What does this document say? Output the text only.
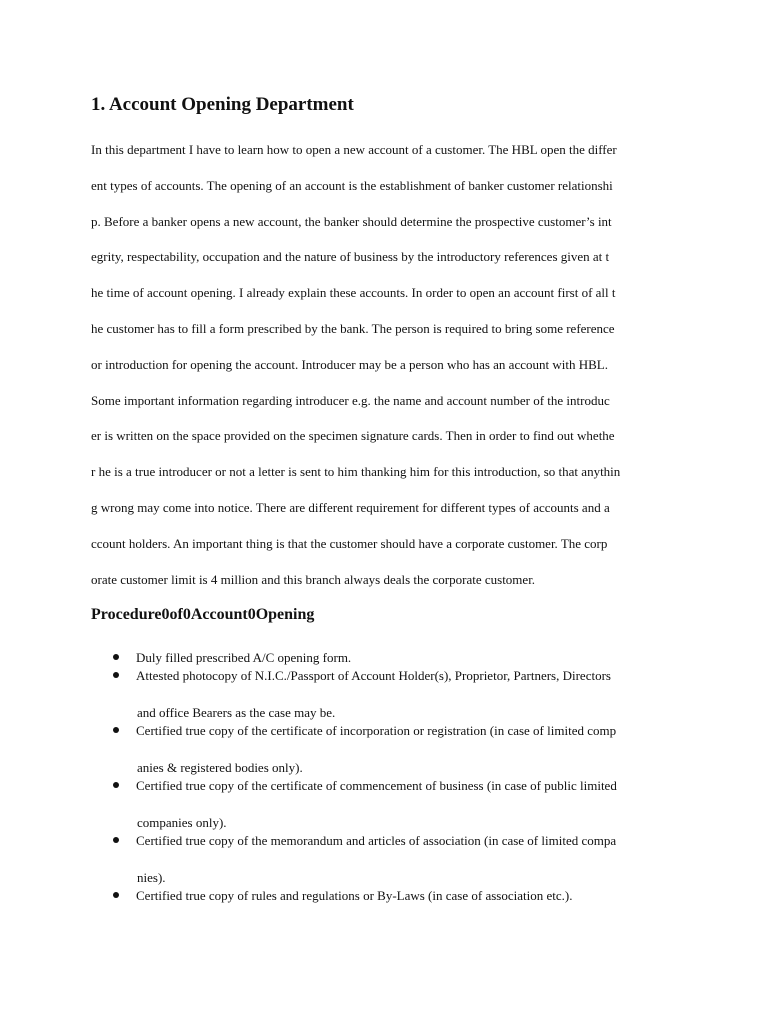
1. Account Opening Department
In this department I have to learn how to open a new account of a customer. The HBL open the differ
ent types of accounts. The opening of an account is the establishment of banker customer relationshi
p. Before a banker opens a new account, the banker should determine the prospective customer’s int
egrity, respectability, occupation and the nature of business by the introductory references given at t
he time of account opening. I already explain these accounts. In order to open an account first of all t
he customer has to fill a form prescribed by the bank. The person is required to bring some reference
or introduction for opening the account. Introducer may be a person who has an account with HBL.
Some important information regarding introducer e.g. the name and account number of the introduc
er is written on the space provided on the specimen signature cards. Then in order to find out whethe
r he is a true introducer or not a letter is sent to him thanking him for this introduction, so that anythin
g wrong may come into notice. There are different requirement for different types of accounts and a
ccount holders. An important thing is that the customer should have a corporate customer. The corp
orate customer limit is 4 million and this branch always deals the corporate customer.
Procedure0of0Account0Opening
Duly filled prescribed A/C opening form.
Attested photocopy of N.I.C./Passport of Account Holder(s), Proprietor, Partners, Directors
and office Bearers as the case may be.
Certified true copy of the certificate of incorporation or registration (in case of limited comp
anies & registered bodies only).
Certified true copy of the certificate of commencement of business (in case of public limited
companies only).
Certified true copy of the memorandum and articles of association (in case of limited compa
nies).
Certified true copy of rules and regulations or By-Laws (in case of association etc.).
